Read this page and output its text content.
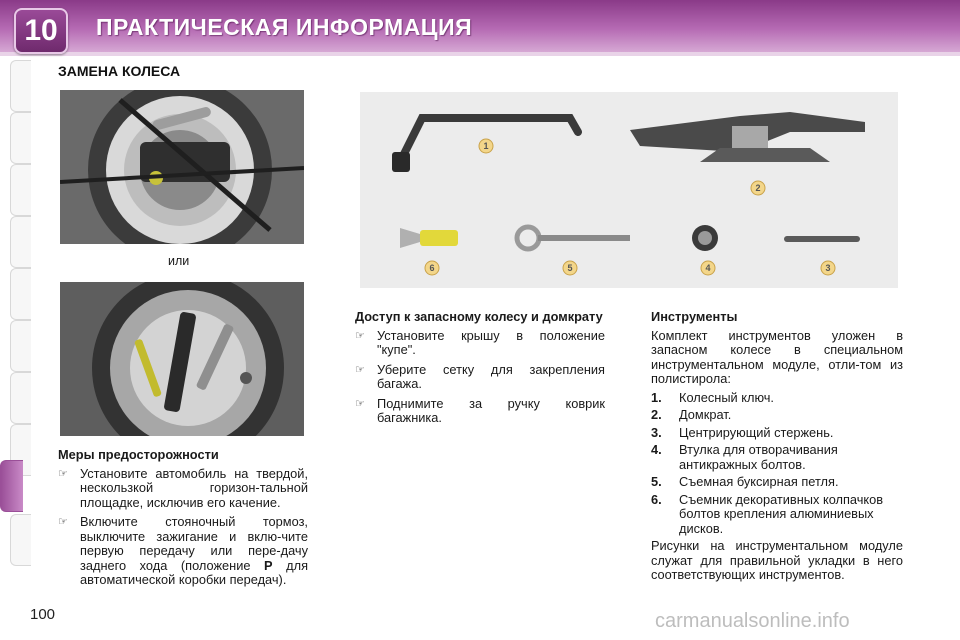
10	ПРАКТИЧЕСКАЯ ИНФОРМАЦИЯ
ЗАМЕНА КОЛЕСА
или
1
2
3
4
5
6
Меры предосторожности
☞ Установите автомобиль на твердой, нескользкой горизон-тальной площадке, исключив его качение.
☞ Включите стояночный тормоз, выключите зажигание и вклю-чите первую передачу или пере-дачу заднего хода (положение P для автоматической коробки передач).
Доступ к запасному колесу и домкрату
☞ Установите крышу в положение "купе".
☞ Уберите сетку для закрепления багажа.
☞ Поднимите за ручку коврик багажника.
Инструменты

Комплект инструментов уложен в запасном колесе в специальном инструментальном модуле, отли-том из полистирола:

1. Колесный ключ.
2. Домкрат.
3. Центрирующий стержень.
4. Втулка для отворачивания антикражных болтов.
5. Съемная буксирная петля.
6. Съемник декоративных колпачков болтов крепления алюминиевых дисков.

Рисунки на инструментальном модуле служат для правильной укладки в него соответствующих инструментов.

100	carmanualsonline.info
